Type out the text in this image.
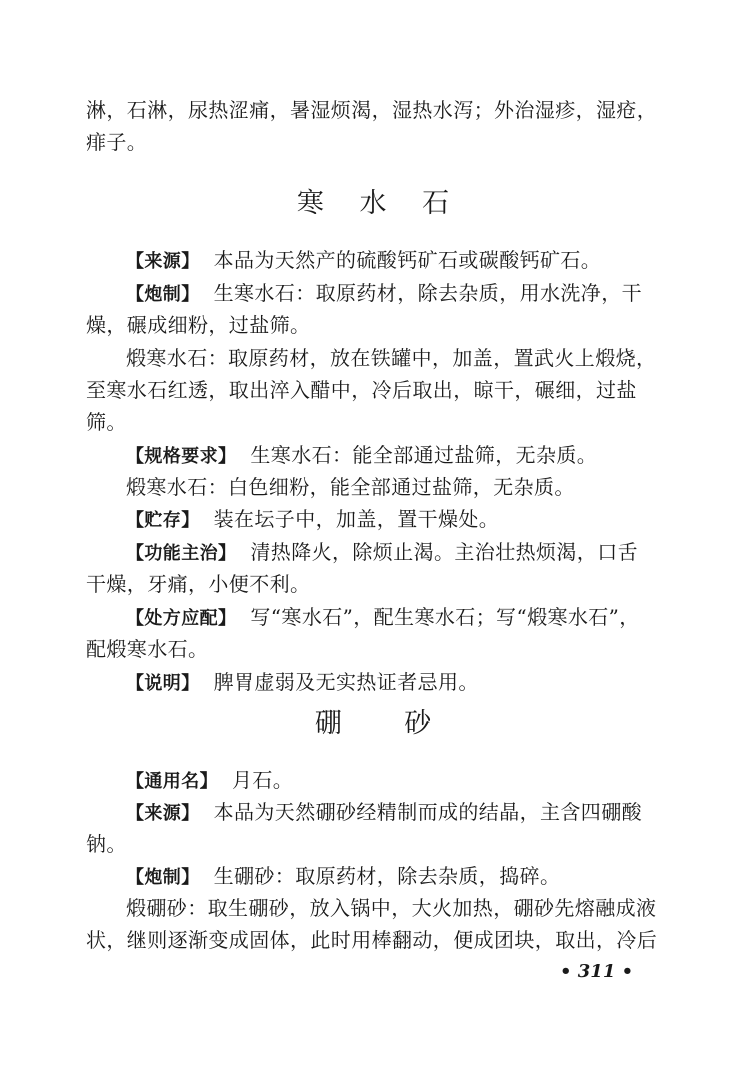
淋，石淋，尿热涩痛，暑湿烦渴，湿热水泻；外治湿疹，湿疮，
痱子。
寒　 水　 石
【来源】 本品为天然产的硫酸钙矿石或碳酸钙矿石。
【炮制】 生寒水石：取原药材，除去杂质，用水洗净，干
燥，碾成细粉，过盐筛。
煅寒水石：取原药材，放在铁罐中，加盖，置武火上煅烧，
至寒水石红透，取出淬入醋中，冷后取出，晾干，碾细，过盐
筛。
【规格要求】 生寒水石：能全部通过盐筛，无杂质。
煅寒水石：白色细粉，能全部通过盐筛，无杂质。
【贮存】 装在坛子中，加盖，置干燥处。
【功能主治】 清热降火，除烦止渴。主治壮热烦渴，口舌
干燥，牙痛，小便不利。
【处方应配】 写“寒水石”，配生寒水石；写“煅寒水石”，
配煅寒水石。
【说明】 脾胃虚弱及无实热证者忌用。
硼　　 砂
【通用名】 月石。
【来源】 本品为天然硼砂经精制而成的结晶，主含四硼酸
钠。
【炮制】 生硼砂：取原药材，除去杂质，捣碎。
煅硼砂：取生硼砂，放入锅中，大火加热，硼砂先熔融成液
状，继则逐渐变成固体，此时用棒翻动，便成团块，取出，冷后
• 311 •
